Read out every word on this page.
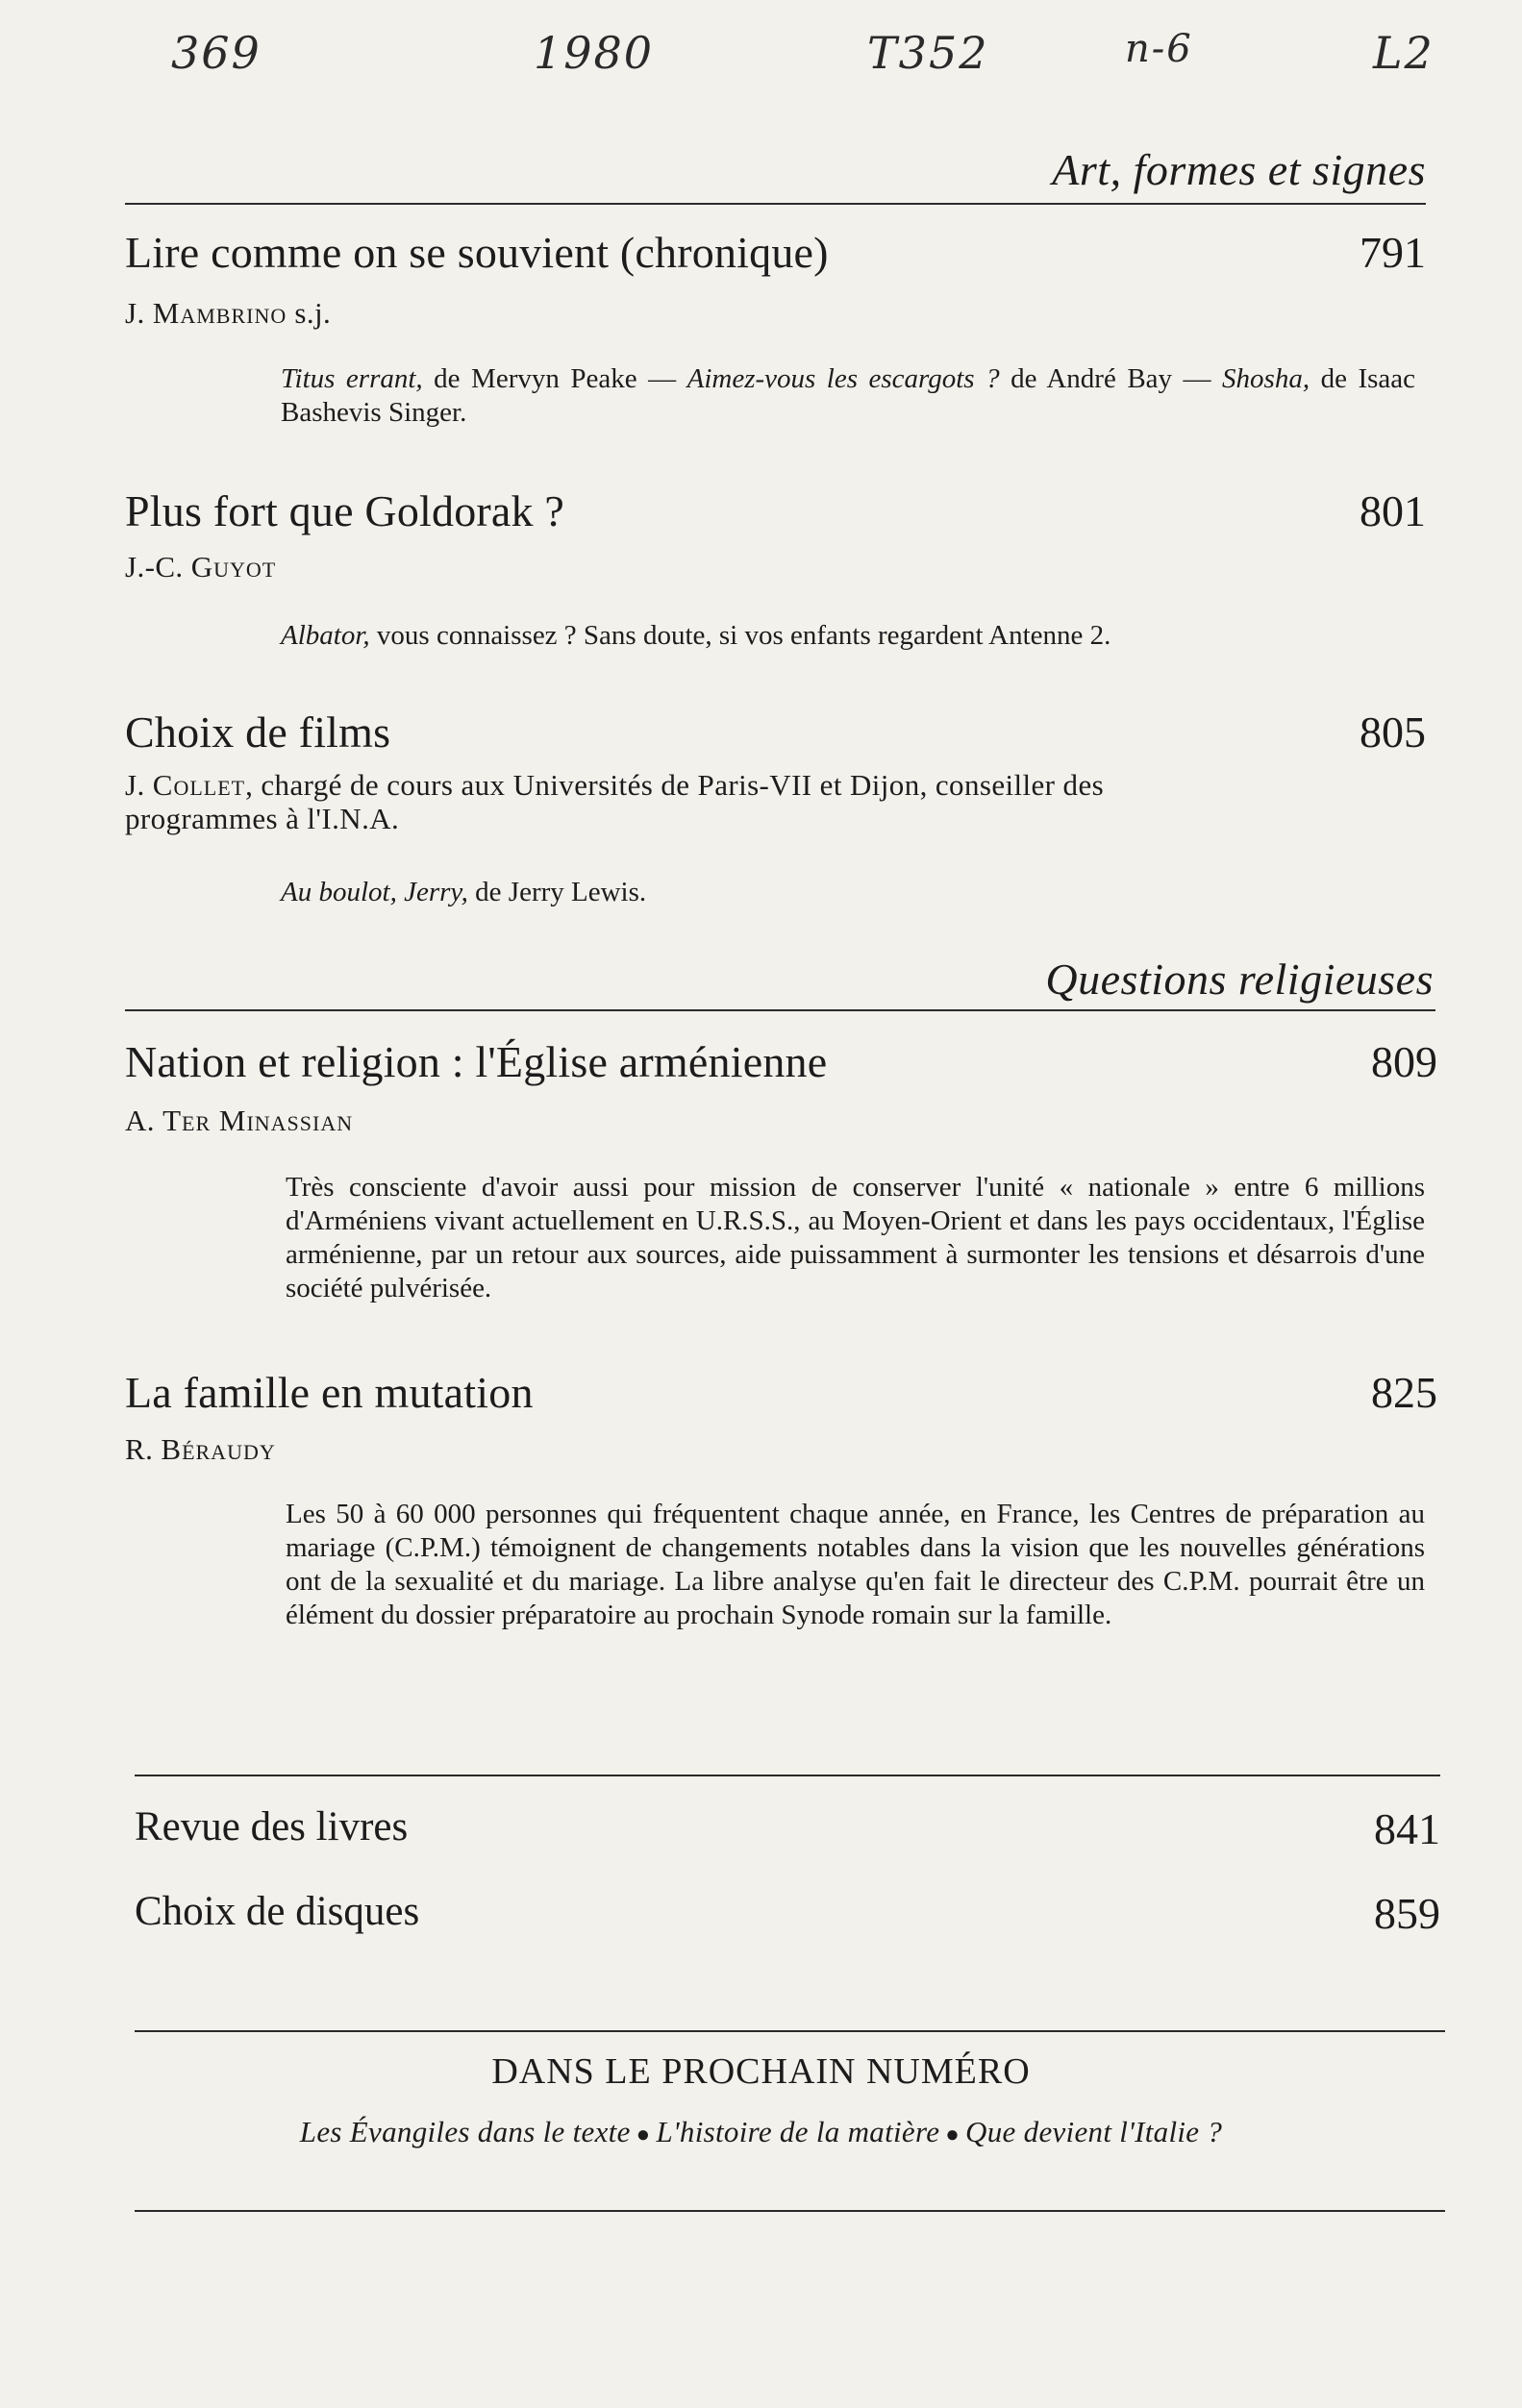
369	1980	T352	n-6	L2
Art, formes et signes
Lire comme on se souvient (chronique)	791
J. Mambrino s.j.
Titus errant, de Mervyn Peake — Aimez-vous les escargots ? de André Bay — Shosha, de Isaac Bashevis Singer.
Plus fort que Goldorak ?	801
J.-C. Guyot
Albator, vous connaissez ? Sans doute, si vos enfants regardent Antenne 2.
Choix de films	805
J. Collet, chargé de cours aux Universités de Paris-VII et Dijon, conseiller des programmes à l'I.N.A.
Au boulot, Jerry, de Jerry Lewis.
Questions religieuses
Nation et religion : l'Église arménienne	809
A. Ter Minassian
Très consciente d'avoir aussi pour mission de conserver l'unité « nationale » entre 6 millions d'Arméniens vivant actuellement en U.R.S.S., au Moyen-Orient et dans les pays occidentaux, l'Église arménienne, par un retour aux sources, aide puissamment à surmonter les tensions et désarrois d'une société pulvérisée.
La famille en mutation	825
R. Béraudy
Les 50 à 60 000 personnes qui fréquentent chaque année, en France, les Centres de préparation au mariage (C.P.M.) témoignent de changements notables dans la vision que les nouvelles générations ont de la sexualité et du mariage. La libre analyse qu'en fait le directeur des C.P.M. pourrait être un élément du dossier préparatoire au prochain Synode romain sur la famille.
Revue des livres	841
Choix de disques	859
DANS LE PROCHAIN NUMÉRO
Les Évangiles dans le texte ● L'histoire de la matière ● Que devient l'Italie ?
